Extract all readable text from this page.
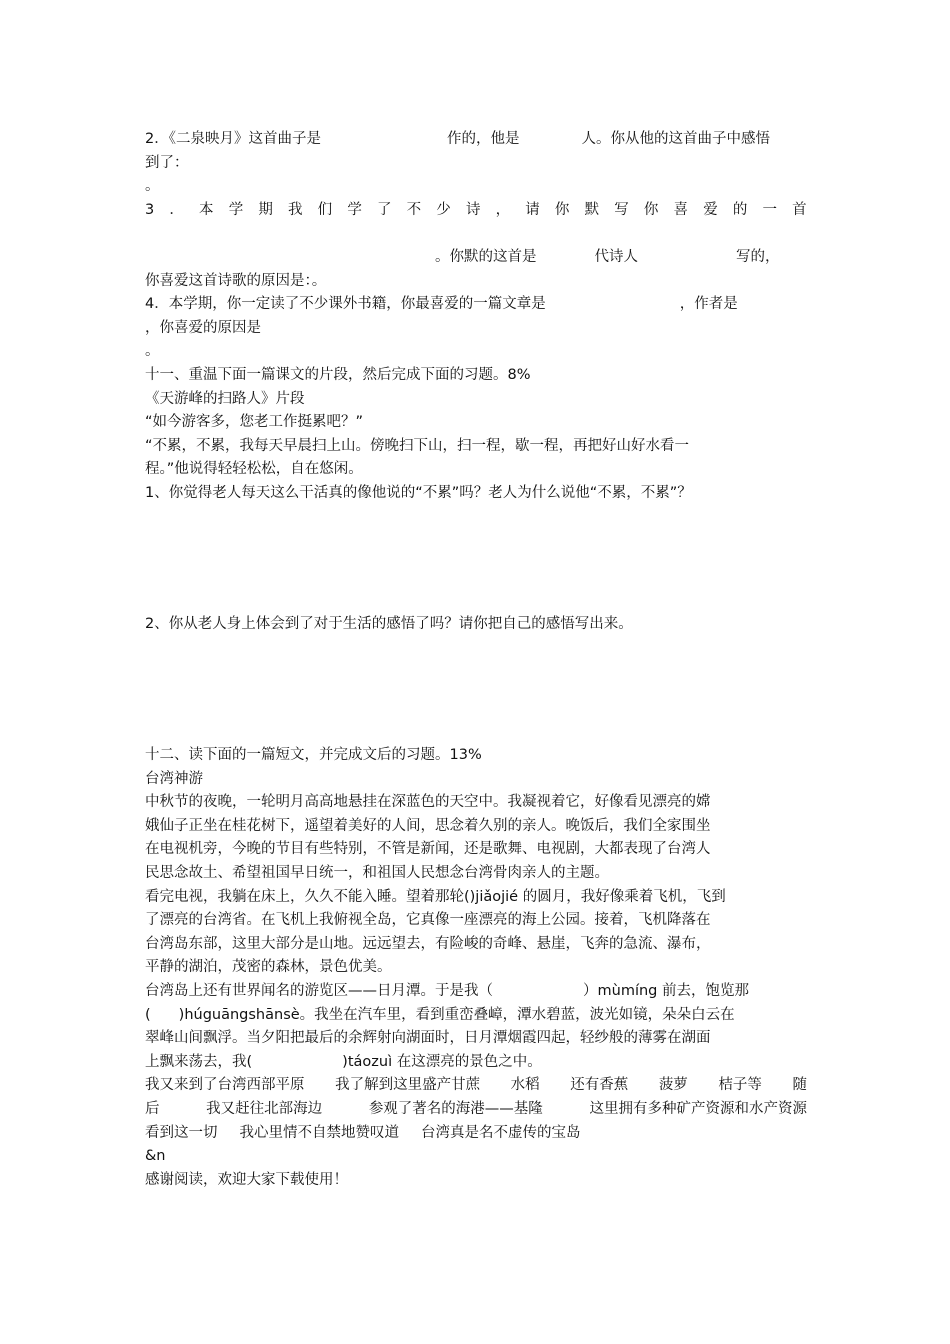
2．《二泉映月》这首曲子是	作的，他是	人。你从他的这首曲子中感悟
到了：
。
3 ． 本 学 期 我 们 学 了 不 少 诗 ， 请 你 默 写 你 喜 爱 的 一 首
。你默的这首是	代诗人	写的，
你喜爱这首诗歌的原因是：。
4．本学期，你一定读了不少课外书籍，你最喜爱的一篇文章是	，作者是
，你喜爱的原因是
。
十一、重温下面一篇课文的片段，然后完成下面的习题。8%
《天游峰的扫路人》片段
“如今游客多，您老工作挺累吧？”
“不累，不累，我每天早晨扫上山。傍晚扫下山，扫一程，歇一程，再把好山好水看一
程。”他说得轻轻松松，自在悠闲。
1、你觉得老人每天这么干活真的像他说的“不累”吗？老人为什么说他“不累，不累”？
2、你从老人身上体会到了对于生活的感悟了吗？请你把自己的感悟写出来。
十二、读下面的一篇短文，并完成文后的习题。13%
台湾神游
中秋节的夜晚，一轮明月高高地悬挂在深蓝色的天空中。我凝视着它，好像看见漂亮的嫦
娥仙子正坐在桂花树下，遥望着美好的人间，思念着久别的亲人。晚饭后，我们全家围坐
在电视机旁，今晚的节目有些特别，不管是新闻，还是歌舞、电视剧，大都表现了台湾人
民思念故土、希望祖国早日统一，和祖国人民想念台湾骨肉亲人的主题。
看完电视，我躺在床上，久久不能入睡。望着那轮()jiǎojié 的圆月，我好像乘着飞机，飞到
了漂亮的台湾省。在飞机上我俯视全岛，它真像一座漂亮的海上公园。接着，飞机降落在
台湾岛东部，这里大部分是山地。远远望去，有险峻的奇峰、悬崖，飞奔的急流、瀑布，
平静的湖泊，茂密的森林，景色优美。
台湾岛上还有世界闻名的游览区——日月潭。于是我（	）mùmíng 前去，饱览那
( )húguāngshānsè。我坐在汽车里，看到重峦叠嶂，潭水碧蓝，波光如镜，朵朵白云在
翠峰山间飘浮。当夕阳把最后的余辉射向湖面时，日月潭烟霞四起，轻纱般的薄雾在湖面
上飘来荡去，我(	)táozuì 在这漂亮的景色之中。
我又来到了台湾西部平原 我了解到这里盛产甘蔗 水稻 还有香蕉 菠萝 桔子等 随
后	我又赶往北部海边	参观了著名的海港——基隆	这里拥有多种矿产资源和水产资源
看到这一切 我心里情不自禁地赞叹道 台湾真是名不虚传的宝岛
&n
感谢阅读，欢迎大家下载使用！
